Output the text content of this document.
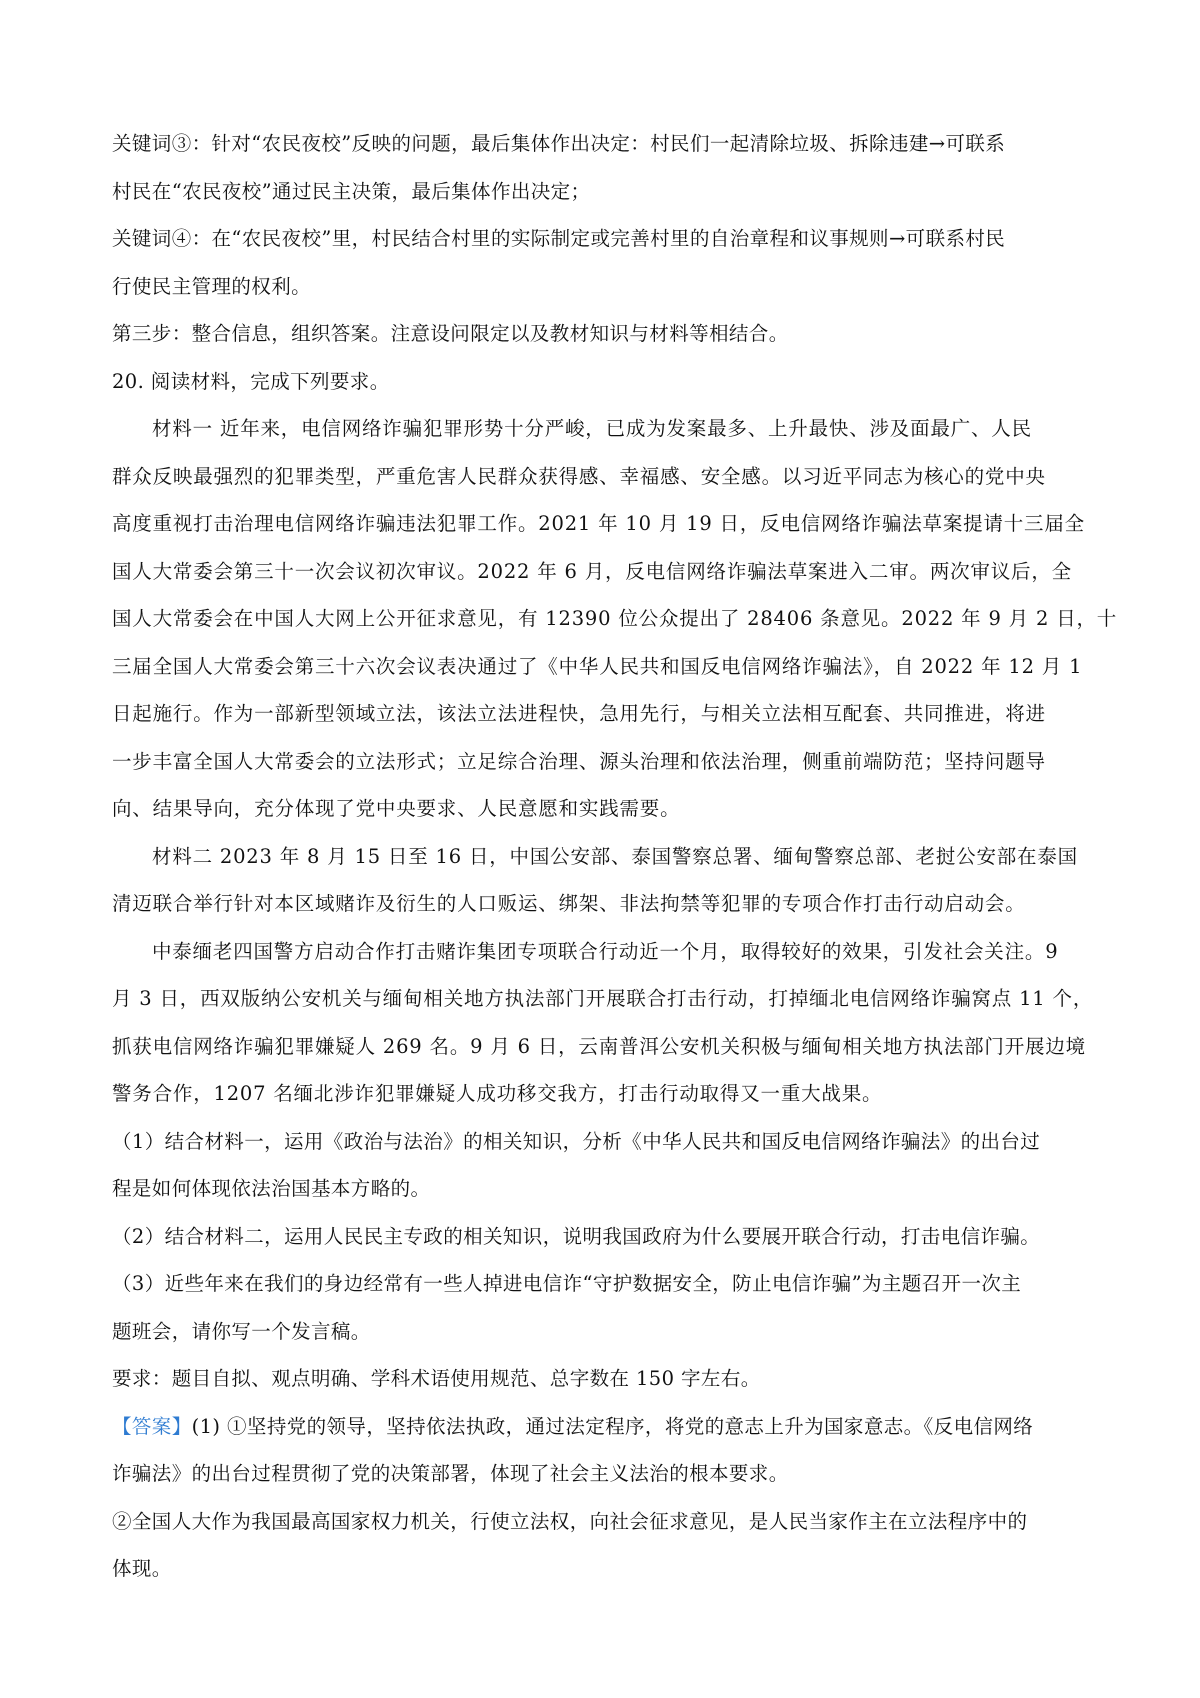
关键词③：针对“农民夜校”反映的问题，最后集体作出决定：村民们一起清除垃圾、拆除违建→可联系

村民在“农民夜校”通过民主决策，最后集体作出决定；

关键词④：在“农民夜校”里，村民结合村里的实际制定或完善村里的自治章程和议事规则→可联系村民

行使民主管理的权利。

第三步：整合信息，组织答案。注意设问限定以及教材知识与材料等相结合。

20. 阅读材料，完成下列要求。

材料一 近年来，电信网络诈骗犯罪形势十分严峻，已成为发案最多、上升最快、涉及面最广、人民

群众反映最强烈的犯罪类型，严重危害人民群众获得感、幸福感、安全感。以习近平同志为核心的党中央

高度重视打击治理电信网络诈骗违法犯罪工作。2021 年 10 月 19 日，反电信网络诈骗法草案提请十三届全

国人大常委会第三十一次会议初次审议。2022 年 6 月，反电信网络诈骗法草案进入二审。两次审议后，全

国人大常委会在中国人大网上公开征求意见，有 12390 位公众提出了 28406 条意见。2022 年 9 月 2 日，十

三届全国人大常委会第三十六次会议表决通过了《中华人民共和国反电信网络诈骗法》，自 2022 年 12 月 1

日起施行。作为一部新型领域立法，该法立法进程快，急用先行，与相关立法相互配套、共同推进，将进

一步丰富全国人大常委会的立法形式；立足综合治理、源头治理和依法治理，侧重前端防范；坚持问题导

向、结果导向，充分体现了党中央要求、人民意愿和实践需要。

材料二 2023 年 8 月 15 日至 16 日，中国公安部、泰国警察总署、缅甸警察总部、老挝公安部在泰国

清迈联合举行针对本区域赌诈及衍生的人口贩运、绑架、非法拘禁等犯罪的专项合作打击行动启动会。

中泰缅老四国警方启动合作打击赌诈集团专项联合行动近一个月，取得较好的效果，引发社会关注。9

月 3 日，西双版纳公安机关与缅甸相关地方执法部门开展联合打击行动，打掉缅北电信网络诈骗窝点 11 个，

抓获电信网络诈骗犯罪嫌疑人 269 名。9 月 6 日，云南普洱公安机关积极与缅甸相关地方执法部门开展边境

警务合作，1207 名缅北涉诈犯罪嫌疑人成功移交我方，打击行动取得又一重大战果。

（1）结合材料一，运用《政治与法治》的相关知识，分析《中华人民共和国反电信网络诈骗法》的出台过

程是如何体现依法治国基本方略的。

（2）结合材料二，运用人民民主专政的相关知识，说明我国政府为什么要展开联合行动，打击电信诈骗。

（3）近些年来在我们的身边经常有一些人掉进电信诈“守护数据安全，防止电信诈骗”为主题召开一次主

题班会，请你写一个发言稿。

要求：题目自拟、观点明确、学科术语使用规范、总字数在 150 字左右。

【答案】(1) ①坚持党的领导，坚持依法执政，通过法定程序，将党的意志上升为国家意志。《反电信网络

诈骗法》的出台过程贯彻了党的决策部署，体现了社会主义法治的根本要求。

②全国人大作为我国最高国家权力机关，行使立法权，向社会征求意见，是人民当家作主在立法程序中的

体现。
